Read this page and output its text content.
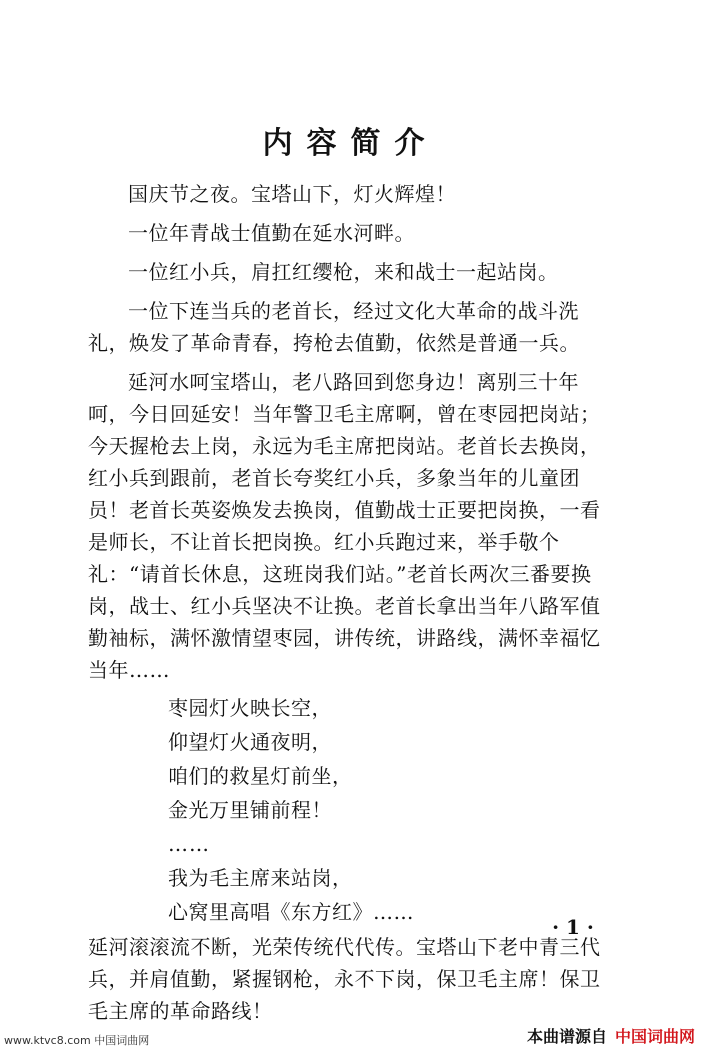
内容简介

国庆节之夜。宝塔山下，灯火辉煌！

一位年青战士值勤在延水河畔。

一位红小兵，肩扛红缨枪，来和战士一起站岗。

一位下连当兵的老首长，经过文化大革命的战斗洗礼，焕发了革命青春，挎枪去值勤，依然是普通一兵。

延河水呵宝塔山，老八路回到您身边！离别三十年呵，今日回延安！当年警卫毛主席啊，曾在枣园把岗站；今天握枪去上岗，永远为毛主席把岗站。老首长去换岗，红小兵到跟前，老首长夸奖红小兵，多象当年的儿童团员！老首长英姿焕发去换岗，值勤战士正要把岗换，一看是师长，不让首长把岗换。红小兵跑过来，举手敬个礼：“请首长休息，这班岗我们站。”老首长两次三番要换岗，战士、红小兵坚决不让换。老首长拿出当年八路军值勤袖标，满怀激情望枣园，讲传统，讲路线，满怀幸福忆当年……

枣园灯火映长空，
仰望灯火通夜明，
咱们的救星灯前坐，
金光万里铺前程！
……
我为毛主席来站岗，
心窝里高唱《东方红》……

延河滚滚流不断，光荣传统代代传。宝塔山下老中青三代兵，并肩值勤，紧握钢枪，永不下岗，保卫毛主席！保卫毛主席的革命路线！

· 1 ·
www.ktvc8.com 中国词曲网	本曲谱源自 中国词曲网
